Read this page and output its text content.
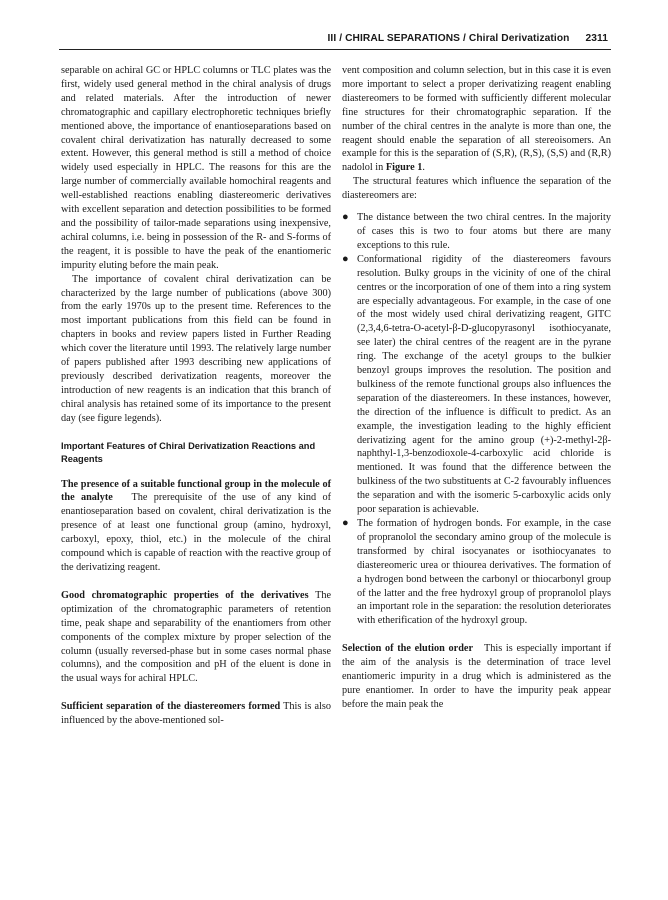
III / CHIRAL SEPARATIONS / Chiral Derivatization 2311

separable on achiral GC or HPLC columns or TLC plates was the first, widely used general method in the chiral analysis of drugs and related materials. After the introduction of newer chromatographic and capillary electrophoretic techniques briefly mentioned above, the importance of enantioseparations based on covalent chiral derivatization has naturally decreased to some extent. However, this general method is still a method of choice widely used especially in HPLC. The reasons for this are the large number of commercially available homochiral reagents and well-established reactions enabling diastereomeric derivatives with excellent separation and detection possibilities to be formed and the possibility of tailor-made separations using inexpensive, achiral columns, i.e. being in possession of the R- and S-forms of the reagent, it is possible to have the peak of the enantiomeric impurity eluting before the main peak.

The importance of covalent chiral derivatization can be characterized by the large number of publications (above 300) from the early 1970s up to the present time. References to the most important publications from this field can be found in chapters in books and review papers listed in Further Reading which cover the literature until 1993. The relatively large number of papers published after 1993 describing new applications of previously described derivatization reagents, moreover the introduction of new reagents is an indication that this branch of chiral analysis has retained some of its importance to the present day (see figure legends).

Important Features of Chiral Derivatization Reactions and Reagents

The presence of a suitable functional group in the molecule of the analyte The prerequisite of the use of any kind of enantioseparation based on covalent, chiral derivatization is the presence of at least one functional group (amino, hydroxyl, carboxyl, epoxy, thiol, etc.) in the molecule of the chiral compound which is capable of reaction with the reactive group of the derivatizing reagent.

Good chromatographic properties of the derivatives The optimization of the chromatographic parameters of retention time, peak shape and separability of the enantiomers from other components of the complex mixture by proper selection of the column (usually reversed-phase but in some cases normal phase columns), and the composition and pH of the eluent is done in the usual ways for achiral HPLC.

Sufficient separation of the diastereomers formed This is also influenced by the above-mentioned sol-

vent composition and column selection, but in this case it is even more important to select a proper derivatizing reagent enabling diastereomers to be formed with sufficiently different molecular fine structures for their chromatographic separation. If the number of the chiral centres in the analyte is more than one, the reagent should enable the separation of all stereoisomers. An example for this is the separation of (S,R), (R,S), (S,S) and (R,R) nadolol in Figure 1.

The structural features which influence the separation of the diastereomers are:

● The distance between the two chiral centres. In the majority of cases this is two to four atoms but there are many exceptions to this rule.
● Conformational rigidity of the diastereomers favours resolution. Bulky groups in the vicinity of one of the chiral centres or the incorporation of one of them into a ring system are especially advantageous. For example, in the case of one of the most widely used chiral derivatizing reagent, GITC (2,3,4,6-tetra-O-acetyl-β-D-glucopyrasonyl isothiocyanate, see later) the chiral centres of the reagent are in the pyrane ring. The exchange of the acetyl groups to the bulkier benzoyl groups improves the resolution. The position and bulkiness of the remote functional groups also influences the separation of the diastereomers. In these instances, however, the direction of the influence is difficult to predict. As an example, the investigation leading to the highly efficient derivatizing agent for the amino group (+)-2-methyl-2β-naphthyl-1,3-benzodioxole-4-carboxylic acid chloride is mentioned. It was found that the difference between the bulkiness of the two substituents at C-2 favourably influences the separation and with the isomeric 5-carboxylic acids only poor separation is achievable.
● The formation of hydrogen bonds. For example, in the case of propranolol the secondary amino group of the molecule is transformed by chiral isocyanates or isothiocyanates to diastereomeric urea or thiourea derivatives. The formation of a hydrogen bond between the carbonyl or thiocarbonyl group of the latter and the free hydroxyl group of propranolol plays an important role in the separation: the resolution deteriorates with etherification of the hydroxyl group.

Selection of the elution order This is especially important if the aim of the analysis is the determination of trace level enantiomeric impurity in a drug which is administered as the pure enantiomer. In order to have the impurity peak appear before the main peak the
